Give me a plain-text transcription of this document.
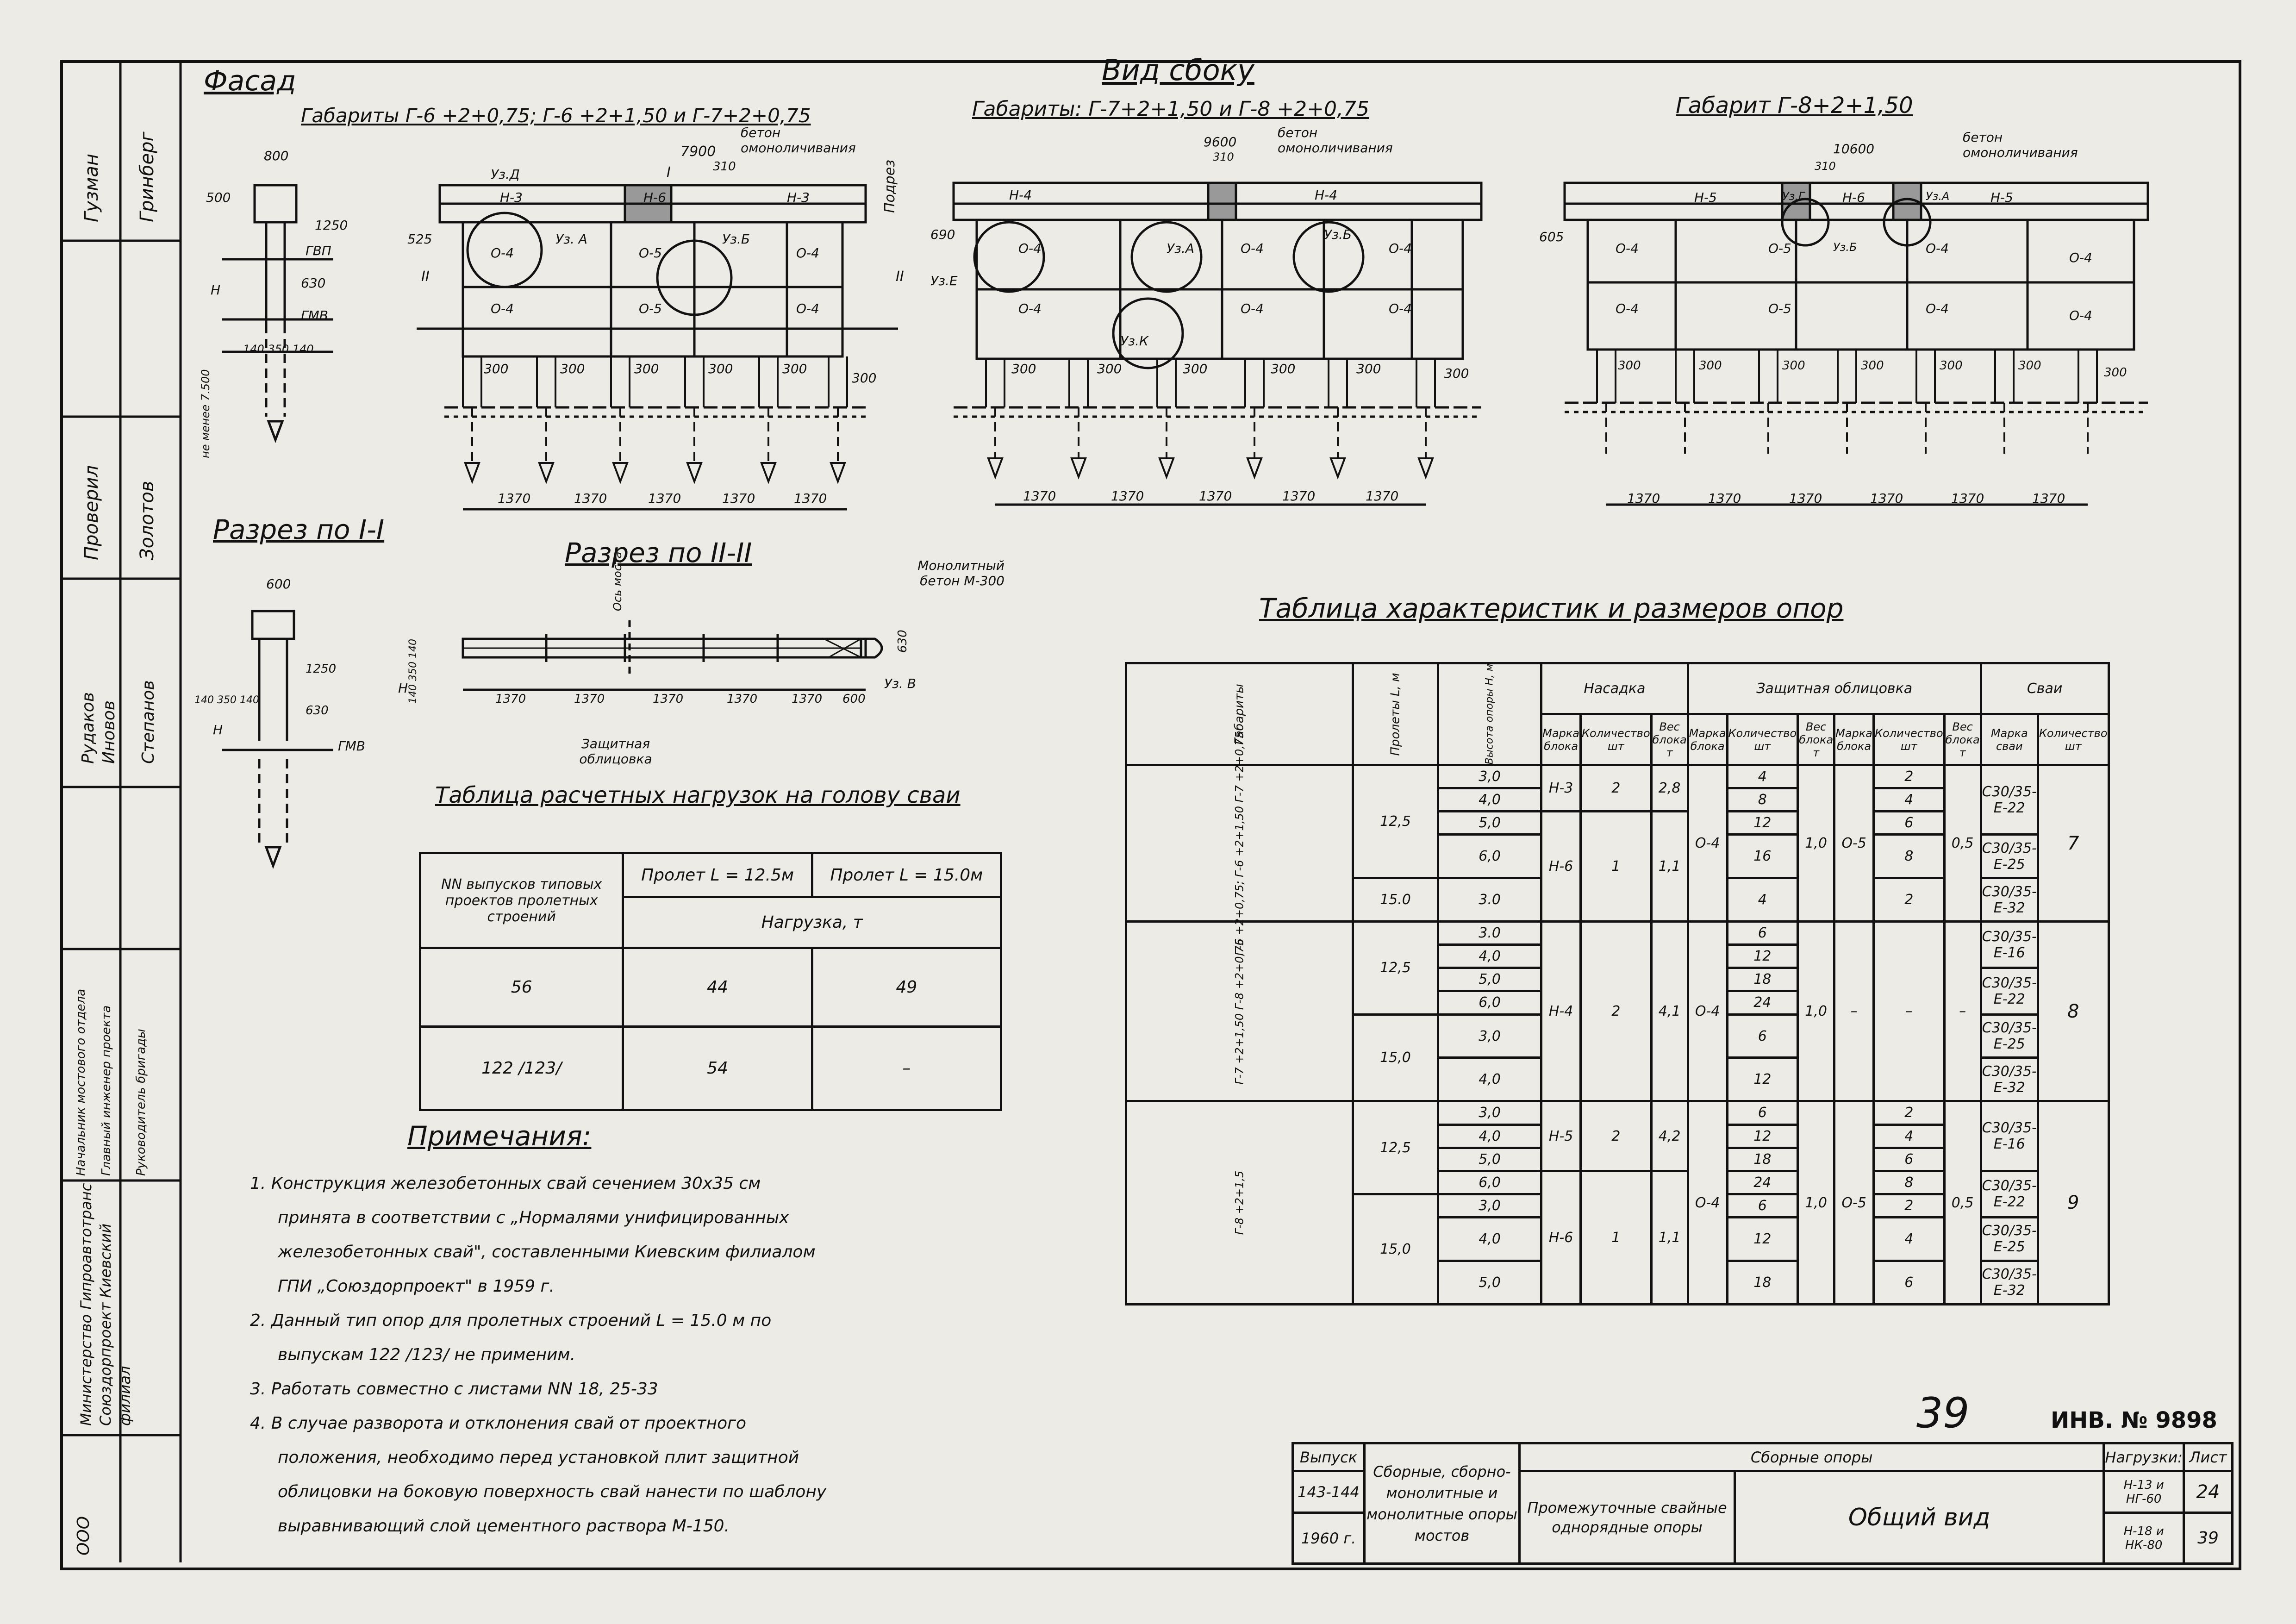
Фасад
Габариты Г-6 +2+0,75; Г-6 +2+1,50 и Г-7+2+0,75
бетон омоноличивания
7900
310	Подрез
Уз.Д
Уз. А	Уз.Б
525
I
II	II
Н-3	Н-6	Н-3
О-4	О-5	О-4
О-4	О-5	О-4
300	300	300	300	300
300
1370	1370	1370	1370	1370
800
500
1250
ГВП
630
ГМВ
Н
140 350 140
не менее 7.500
Вид сбоку
Габариты: Г-7+2+1,50 и Г-8 +2+0,75
9600
310
бетон омоноличивания
690
Уз.Е
Уз.А
Уз.Б
Уз.К
Н-4	Н-4
О-4	О-4	О-4
О-4	О-4	О-4
300	300	300	300	300	300
1370	1370	1370	1370	1370
Габарит Г-8+2+1,50
10600
310
бетон омоноличивания
605
Н-5	Н-6	Н-5
Уз.Г	Уз.А
Уз.Б
О-4	О-5	О-4
О-4
О-4	О-5	О-4	О-4
300	300	300	300	300	300	300
1370	1370	1370	1370	1370	1370
Разрез по I-I
600
1250
630
Н
140 350 140
ГМВ
Разрез по II-II	Монолитный бетон М-300
Ось моста
Уз. В
600
630
1370	1370	1370	1370	1370
140 350 140
Н
Защитная облицовка
Таблица расчетных нагрузок на голову сваи
NN выпусков типовых проектов пролетных строений	Пролет L = 12.5м	Пролет L = 15.0м
	Нагрузка, т	
56	44	49
122 /123/	54	–
Примечания:
1. Конструкция железобетонных свай сечением 30х35 см
принята в соответствии с „Нормалями унифицированных
железобетонных свай", составленными Киевским филиалом
ГПИ „Союздорпроект" в 1959 г.
2. Данный тип опор для пролетных строений L = 15.0 м по
выпускам 122 /123/ не применим.
3. Работать совместно с листами NN 18, 25-33
4. В случае разворота и отклонения свай от проектного
положения, необходимо перед установкой плит защитной
облицовки на боковую поверхность свай нанести по шаблону
выравнивающий слой цементного раствора М-150.
Таблица характеристик и размеров опор
Габариты	Пролеты L, м	Высота опоры Н, м	Насадка			Защитная облицовка						Сваи	
			Марка блока	Количество шт	Вес блока т	Марка блока	Количество шт	Вес блока т	Марка блока	Количество шт	Вес блока т	Марка сваи	Количество шт
Г-6 +2+0,75; Г-6 +2+1,50 Г-7 +2+0,75	12,5	3,0	Н-3	2	2,8	О-4	4	1,0	О-5	2	0,5	С30/35-Е-22	7
		4,0					8			4			
		5,0	Н-6	1	1,1		12			6			
		6,0					16			8		С30/35-Е-25	
	15.0	3.0					4			2		С30/35-Е-32	
Г-7 +2+1,50 Г-8 +2+0,75	12,5	3.0	Н-4	2	4,1	О-4	6	1,0	–	–	–	С30/35-Е-16	8
		4,0					12						
		5,0					18					С30/35-Е-22	
		6,0					24						
	15,0	3,0					6					С30/35-Е-25	
		4,0					12					С30/35-Е-32	
Г-8 +2+1,5	12,5	3,0	Н-5	2	4,2	О-4	6	1,0	О-5	2	0,5	С30/35-Е-16	9
		4,0					12			4			
		5,0					18			6			
		6,0	Н-6	1	1,1		24			8		С30/35-Е-22	
	15,0	3,0					6			2			
		4,0					12			4		С30/35-Е-25	
		5,0					18			6		С30/35-Е-32	
Гузман Гринберг
Проверил Золотов
Рудаков Иновов Степанов
Начальник мостового отдела Главный инженер проекта Руководитель бригады
Министерство Гипроавтотранс Союздорпроект Киевский филиал
ООО
39	ИНВ. № 9898
Выпуск	Сборные, сборно-монолитные и монолитные опоры мостов	Сборные опоры		Нагрузки:	Лист
143-144		Промежуточные свайные однорядные опоры	Общий вид	Н-13 и НГ-60	24
1960 г.				Н-18 и НК-80	39
